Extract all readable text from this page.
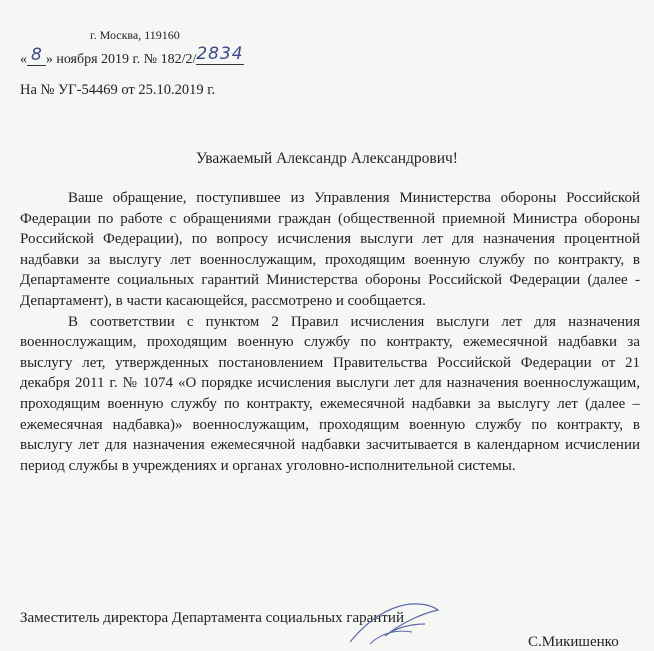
г. Москва, 119160
« 8 » ноября 2019 г. № 182/2/2834
На № УГ-54469 от 25.10.2019 г.
Уважаемый Александр Александрович!

Ваше обращение, поступившее из Управления Министерства обороны Российской Федерации по работе с обращениями граждан (общественной приемной Министра обороны Российской Федерации), по вопросу исчисления выслуги лет для назначения процентной надбавки за выслугу лет военнослужащим, проходящим военную службу по контракту, в Департаменте социальных гарантий Министерства обороны Российской Федерации (далее - Департамент), в части касающейся, рассмотрено и сообщается.

В соответствии с пунктом 2 Правил исчисления выслуги лет для назначения военнослужащим, проходящим военную службу по контракту, ежемесячной надбавки за выслугу лет, утвержденных постановлением Правительства Российской Федерации от 21 декабря 2011 г. № 1074 «О порядке исчисления выслуги лет для назначения военнослужащим, проходящим военную службу по контракту, ежемесячной надбавки за выслугу лет (далее – ежемесячная надбавка)» военнослужащим, проходящим военную службу по контракту, в выслугу лет для назначения ежемесячной надбавки засчитывается в календарном исчислении период службы в учреждениях и органах уголовно-исполнительной системы.

Заместитель директора Департамента социальных гарантий
С.Микишенко
